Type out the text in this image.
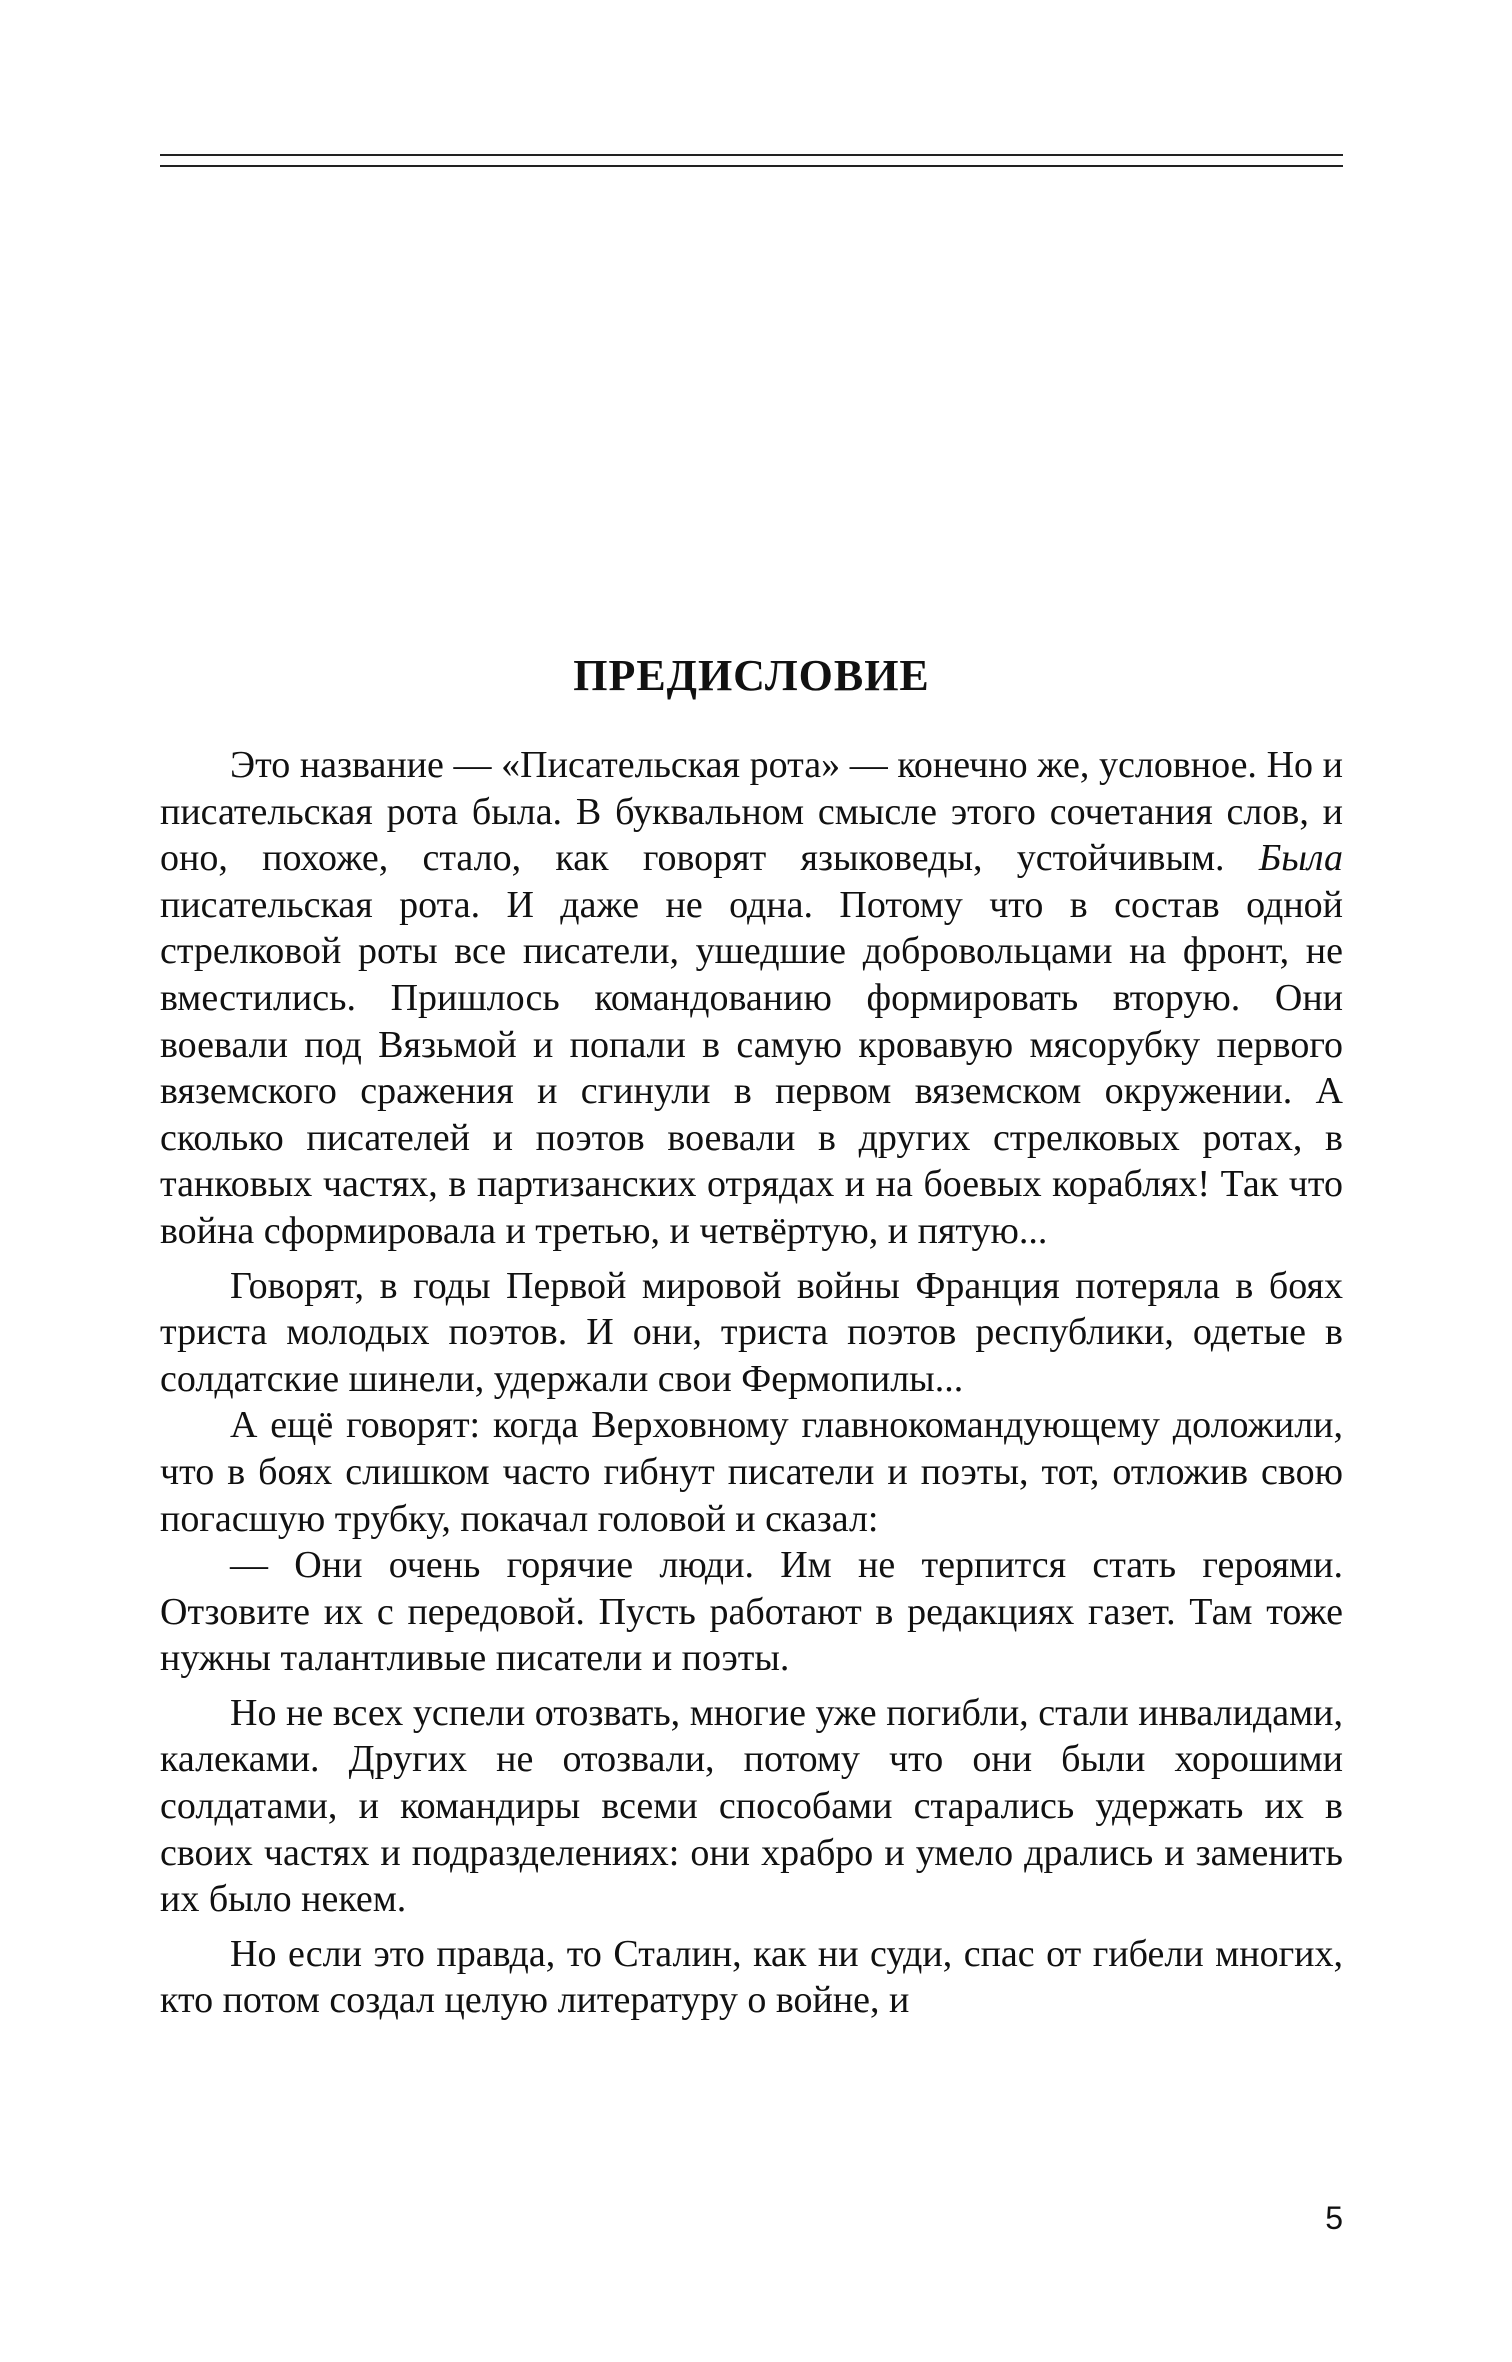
ПРЕДИСЛОВИЕ

Это название — «Писательская рота» — конечно же, условное. Но и писательская рота была. В буквальном смысле этого сочетания слов, и оно, похоже, стало, как говорят языковеды, устойчивым. Была писательская рота. И даже не одна. Потому что в состав одной стрелковой роты все писатели, ушедшие добровольцами на фронт, не вместились. Пришлось командованию формировать вторую. Они воевали под Вязьмой и попали в самую кровавую мясорубку первого вяземского сражения и сгинули в первом вяземском окружении. А сколько писателей и поэтов воевали в других стрелковых ротах, в танковых частях, в партизанских отрядах и на боевых кораблях! Так что война сформировала и третью, и четвёртую, и пятую...

Говорят, в годы Первой мировой войны Франция потеряла в боях триста молодых поэтов. И они, триста поэтов республики, одетые в солдатские шинели, удержали свои Фермопилы...

А ещё говорят: когда Верховному главнокомандующему доложили, что в боях слишком часто гибнут писатели и поэты, тот, отложив свою погасшую трубку, покачал головой и сказал:

— Они очень горячие люди. Им не терпится стать героями. Отзовите их с передовой. Пусть работают в редакциях газет. Там тоже нужны талантливые писатели и поэты.

Но не всех успели отозвать, многие уже погибли, стали инвалидами, калеками. Других не отозвали, потому что они были хорошими солдатами, и командиры всеми способами старались удержать их в своих частях и подразделениях: они храбро и умело дрались и заменить их было некем.

Но если это правда, то Сталин, как ни суди, спас от гибели многих, кто потом создал целую литературу о войне, и

5
